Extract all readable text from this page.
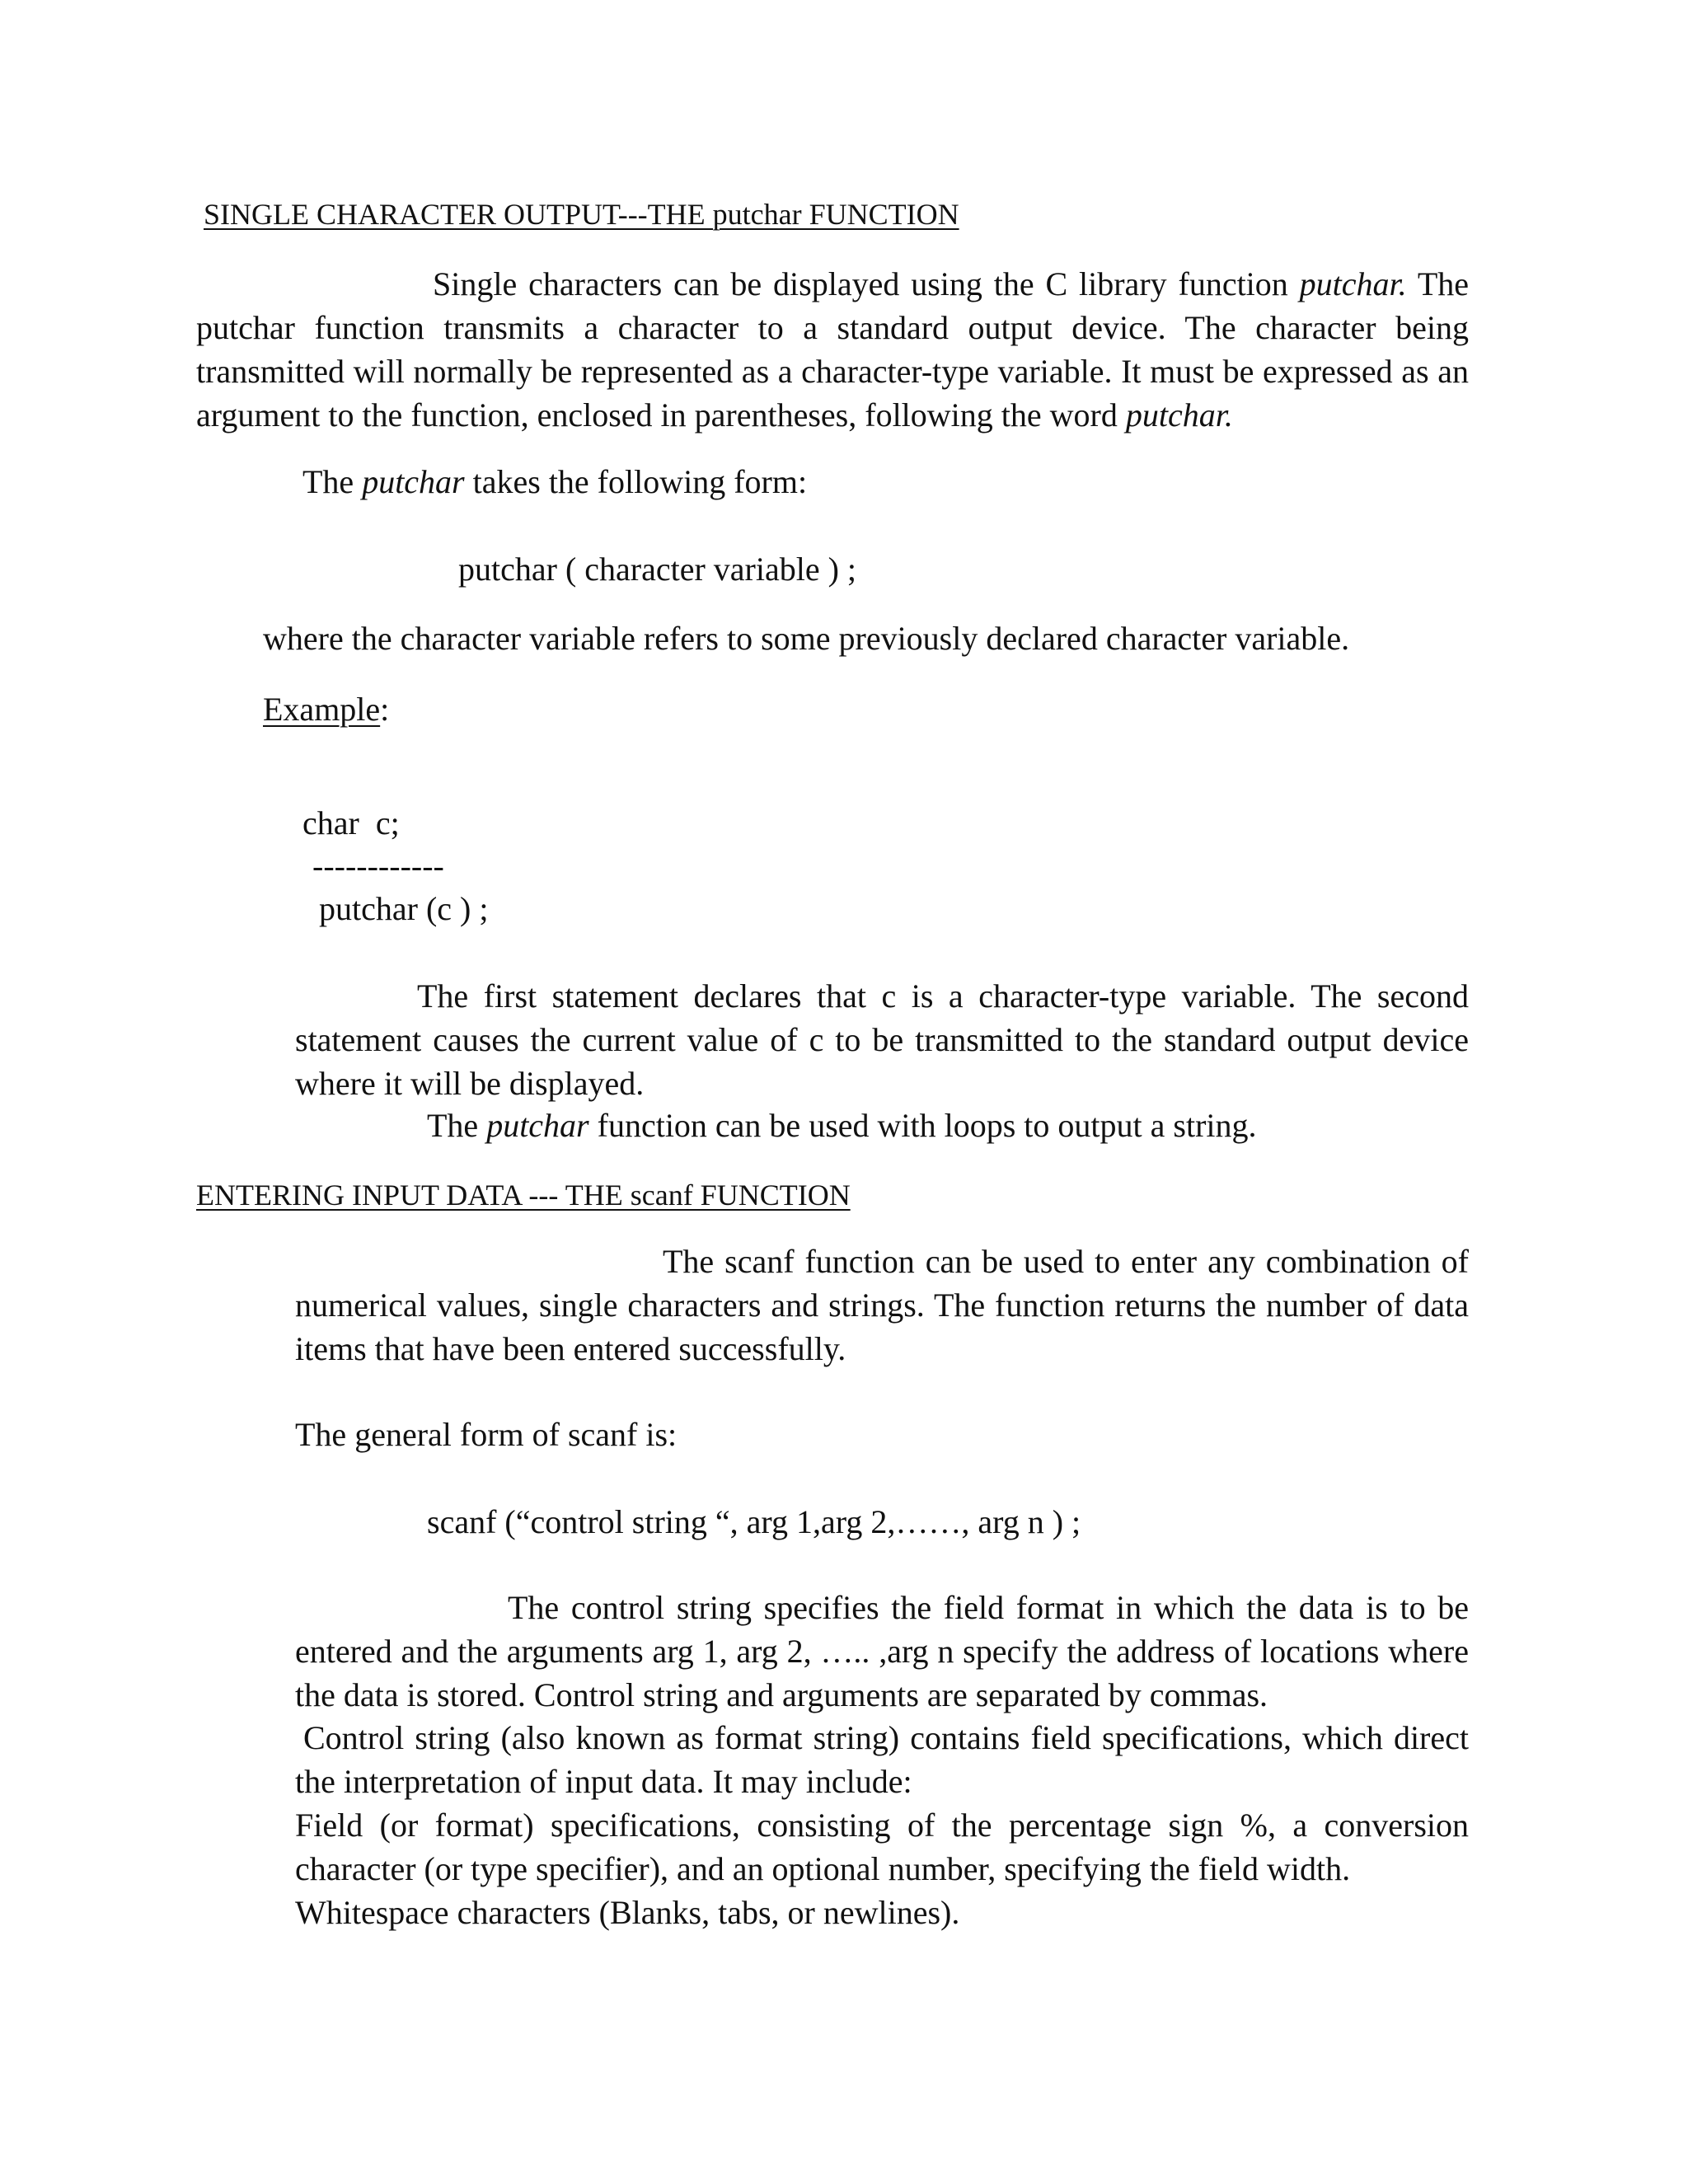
SINGLE CHARACTER OUTPUT---THE putchar FUNCTION

Single characters can be displayed using the C library function putchar. The putchar function transmits a character to a standard output device. The character being transmitted will normally be represented as a character-type variable. It must be expressed as an argument to the function, enclosed in parentheses, following the word putchar.

The putchar takes the following form:
putchar ( character variable ) ;
where the character variable refers to some previously declared character variable.
Example:
char  c;
------------
putchar (c ) ;

The first statement declares that c is a character-type variable. The second statement causes the current value of c to be transmitted to the standard output device where it will be displayed.

The putchar function can be used with loops to output a string.
ENTERING INPUT DATA --- THE scanf FUNCTION

The scanf function can be used to enter any combination of numerical values, single characters and strings. The function returns the number of data items that have been entered successfully.

The general form of scanf is:
scanf (“control string “, arg 1,arg 2,……, arg n ) ;

The control string specifies the field format in which the data is to be entered and the arguments arg 1, arg 2, ….. ,arg n specify the address of locations where the data is stored. Control string and arguments are separated by commas.

Control string (also known as format string) contains field specifications, which direct the interpretation of input data. It may include:

Field (or format) specifications, consisting of the percentage sign %, a conversion character (or type specifier), and an optional number, specifying the field width.

Whitespace characters (Blanks, tabs, or newlines).
